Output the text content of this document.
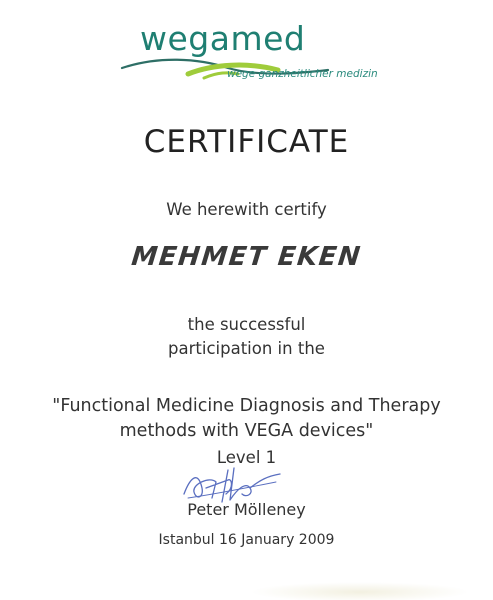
wegamed
wege ganzheitlicher medizin
CERTIFICATE
We herewith certify
MEHMET EKEN
the successful
participation in the
"Functional Medicine Diagnosis and Therapy
methods with VEGA devices"
Level 1
Peter Mölleney
Istanbul 16 January 2009
